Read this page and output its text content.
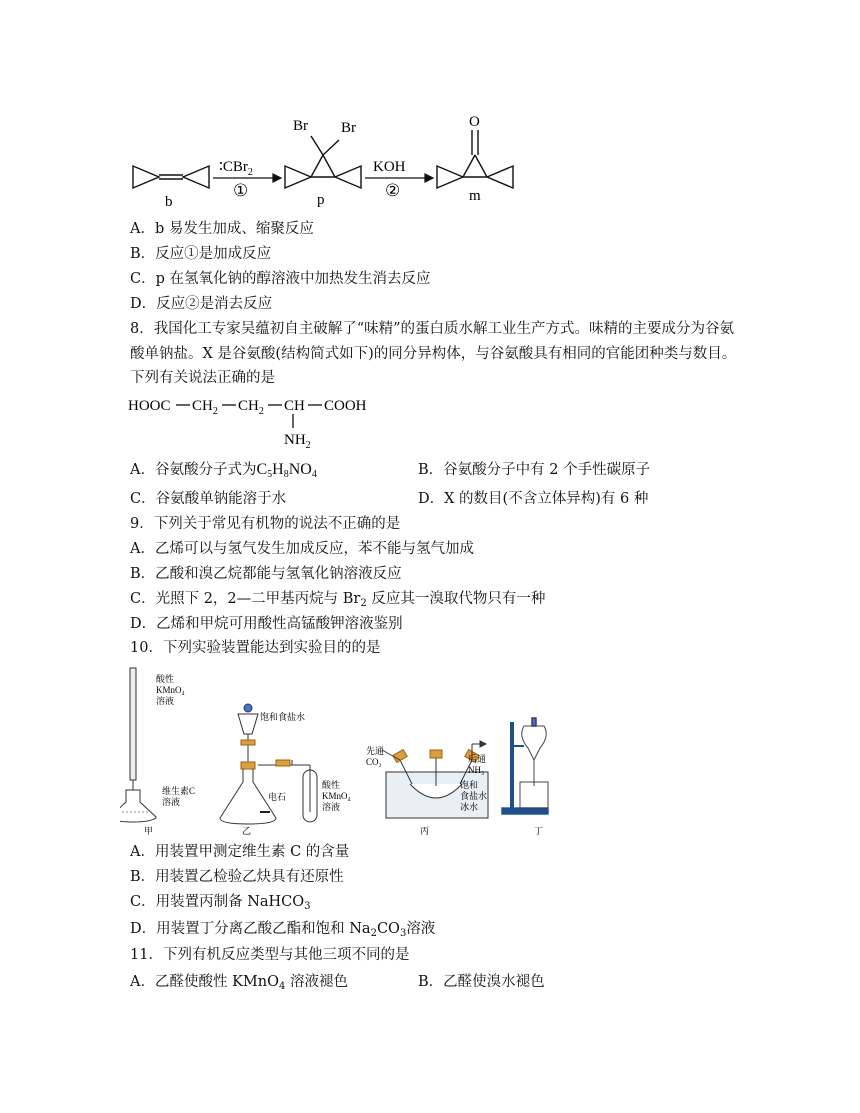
b
∶CBr$_2$
①
Br Br
p
KOH
②
O
m
A．b 易发生加成、缩聚反应
B．反应①是加成反应
C．p 在氢氧化钠的醇溶液中加热发生消去反应
D．反应②是消去反应
8．我国化工专家吴蕴初自主破解了“味精”的蛋白质水解工业生产方式。味精的主要成分为谷氨
酸单钠盐。X 是谷氨酸(结构简式如下)的同分异构体，与谷氨酸具有相同的官能团种类与数目。
下列有关说法正确的是
HOOC $CH_2$ $CH_2$ CH COOH
$NH_2$
A．谷氨酸分子式为$C_5H_8NO_4$	B．谷氨酸分子中有 2 个手性碳原子
C．谷氨酸单钠能溶于水	D．X 的数目(不含立体异构)有 6 种
9．下列关于常见有机物的说法不正确的是
A．乙烯可以与氢气发生加成反应，苯不能与氢气加成
B．乙酸和溴乙烷都能与氢氧化钠溶液反应
C．光照下 2，2—二甲基丙烷与 $Br_2$ 反应其一溴取代物只有一种
D．乙烯和甲烷可用酸性高锰酸钾溶液鉴别
10．下列实验装置能达到实验目的的是
酸性
KMnO₄
溶液
维生素C
溶液
甲
饱和食盐水
电石
酸性
KMnO₄
溶液
乙
先通
CO₂	后通
NH₃
饱和
食盐水
冰水
丙	丁
A．用装置甲测定维生素 C 的含量
B．用装置乙检验乙炔具有还原性
C．用装置丙制备 NaHCO$_3$
D．用装置丁分离乙酸乙酯和饱和 $Na_2CO_3$溶液
11．下列有机反应类型与其他三项不同的是
A．乙醛使酸性 KMnO$_4$ 溶液褪色	B．乙醛使溴水褪色
